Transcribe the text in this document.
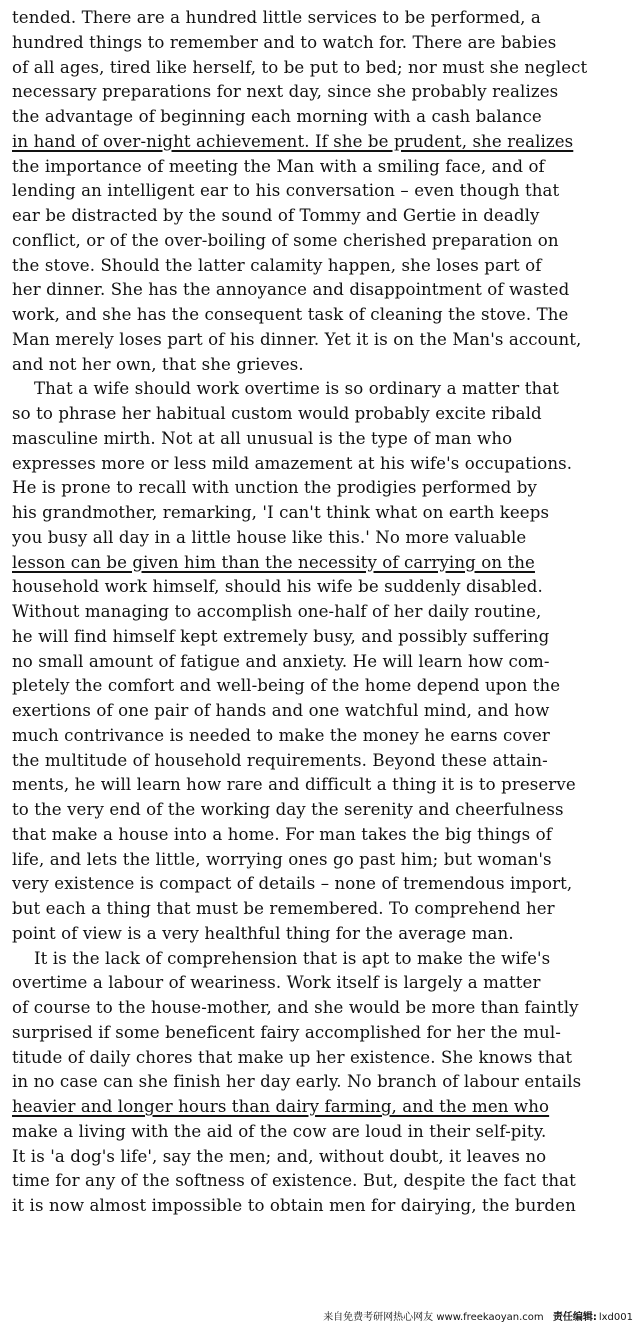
tended. There are a hundred little services to be performed, a
hundred things to remember and to watch for. There are babies
of all ages, tired like herself, to be put to bed; nor must she neglect
necessary preparations for next day, since she probably realizes
the advantage of beginning each morning with a cash balance
in hand of over-night achievement. If she be prudent, she realizes
the importance of meeting the Man with a smiling face, and of
lending an intelligent ear to his conversation – even though that
ear be distracted by the sound of Tommy and Gertie in deadly
conflict, or of the over-boiling of some cherished preparation on
the stove. Should the latter calamity happen, she loses part of
her dinner. She has the annoyance and disappointment of wasted
work, and she has the consequent task of cleaning the stove. The
Man merely loses part of his dinner. Yet it is on the Man's account,
and not her own, that she grieves.
That a wife should work overtime is so ordinary a matter that
so to phrase her habitual custom would probably excite ribald
masculine mirth. Not at all unusual is the type of man who
expresses more or less mild amazement at his wife's occupations.
He is prone to recall with unction the prodigies performed by
his grandmother, remarking, 'I can't think what on earth keeps
you busy all day in a little house like this.' No more valuable
lesson can be given him than the necessity of carrying on the
household work himself, should his wife be suddenly disabled.
Without managing to accomplish one-half of her daily routine,
he will find himself kept extremely busy, and possibly suffering
no small amount of fatigue and anxiety. He will learn how com-
pletely the comfort and well-being of the home depend upon the
exertions of one pair of hands and one watchful mind, and how
much contrivance is needed to make the money he earns cover
the multitude of household requirements. Beyond these attain-
ments, he will learn how rare and difficult a thing it is to preserve
to the very end of the working day the serenity and cheerfulness
that make a house into a home. For man takes the big things of
life, and lets the little, worrying ones go past him; but woman's
very existence is compact of details – none of tremendous import,
but each a thing that must be remembered. To comprehend her
point of view is a very healthful thing for the average man.
It is the lack of comprehension that is apt to make the wife's
overtime a labour of weariness. Work itself is largely a matter
of course to the house-mother, and she would be more than faintly
surprised if some beneficent fairy accomplished for her the mul-
titude of daily chores that make up her existence. She knows that
in no case can she finish her day early. No branch of labour entails
heavier and longer hours than dairy farming, and the men who
make a living with the aid of the cow are loud in their self-pity.
It is 'a dog's life', say the men; and, without doubt, it leaves no
time for any of the softness of existence. But, despite the fact that
it is now almost impossible to obtain men for dairying, the burden
来自免费考研网热心网友 www.freekaoyan.com 责任编辑: lxd001
